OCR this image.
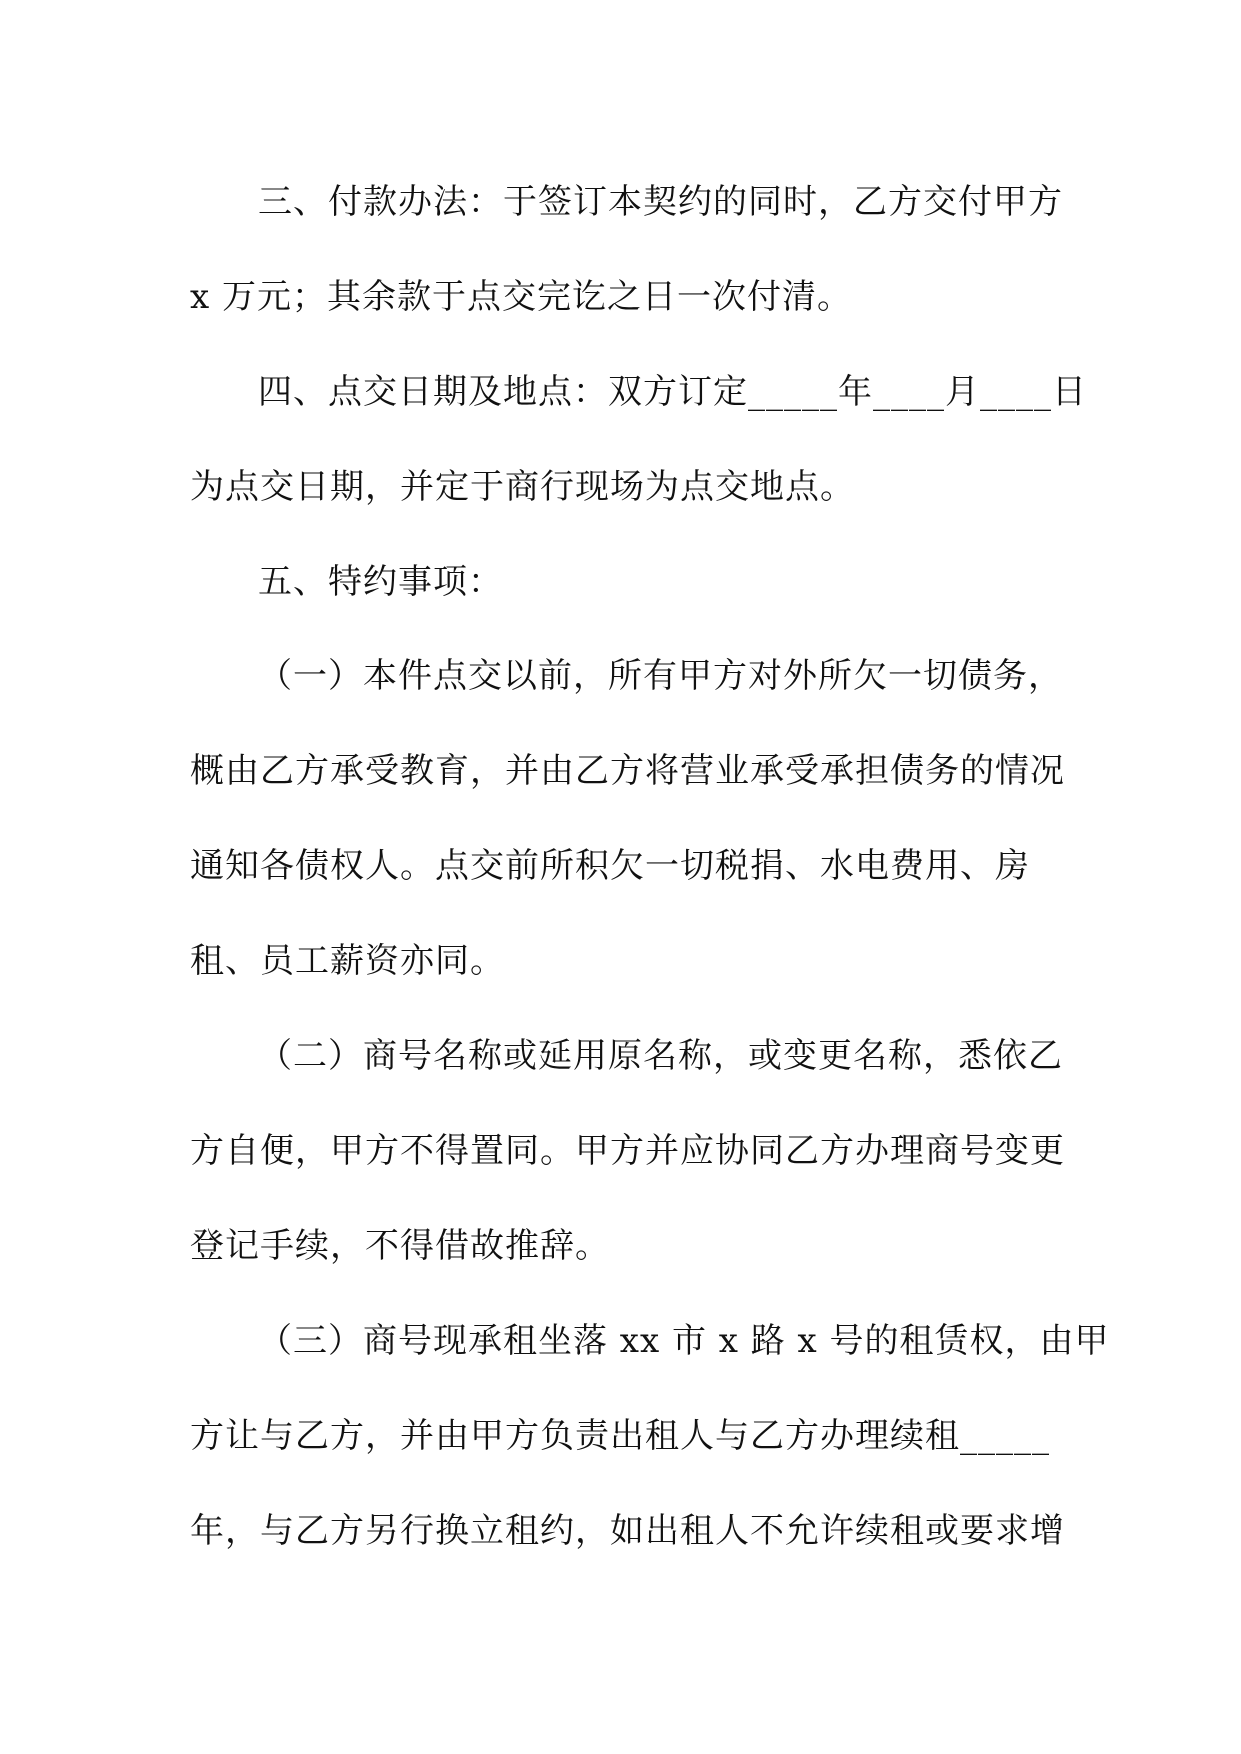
三、付款办法：于签订本契约的同时，乙方交付甲方
x 万元；其余款于点交完讫之日一次付清。
四、点交日期及地点：双方订定_____年____月____日
为点交日期，并定于商行现场为点交地点。
五、特约事项：
（一）本件点交以前，所有甲方对外所欠一切债务，
概由乙方承受教育，并由乙方将营业承受承担债务的情况
通知各债权人。点交前所积欠一切税捐、水电费用、房
租、员工薪资亦同。
（二）商号名称或延用原名称，或变更名称，悉依乙
方自便，甲方不得置同。甲方并应协同乙方办理商号变更
登记手续，不得借故推辞。
（三）商号现承租坐落 xx 市 x 路 x 号的租赁权，由甲
方让与乙方，并由甲方负责出租人与乙方办理续租_____
年，与乙方另行换立租约，如出租人不允许续租或要求增
